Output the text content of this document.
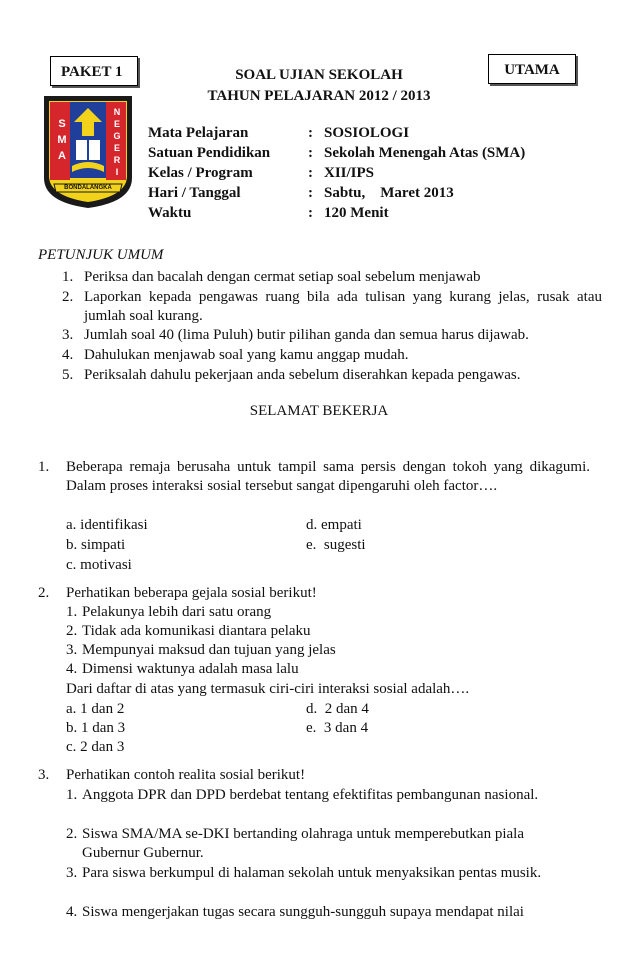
PAKET 1	UTAMA
SOAL UJIAN SEKOLAH
TAHUN PELAJARAN 2012 / 2013
S
M
A
N
E
G
E
R
I
BONDALANGKA
Mata Pelajaran	: SOSIOLOGI
Satuan Pendidikan	: Sekolah Menengah Atas (SMA)
Kelas / Program	: XII/IPS
Hari / Tanggal	: Sabtu,    Maret 2013
Waktu	: 120 Menit
PETUNJUK UMUM
1. Periksa dan bacalah dengan cermat setiap soal sebelum menjawab
2. Laporkan kepada pengawas ruang bila ada tulisan yang kurang jelas, rusak atau jumlah soal kurang.
3. Jumlah soal 40 (lima Puluh) butir pilihan ganda dan semua harus dijawab.
4. Dahulukan menjawab soal yang kamu anggap mudah.
5. Periksalah dahulu pekerjaan anda sebelum diserahkan kepada pengawas.
SELAMAT BEKERJA
1. Beberapa remaja berusaha untuk tampil sama persis dengan tokoh yang dikagumi. Dalam proses interaksi sosial tersebut sangat dipengaruhi oleh factor….
a. identifikasi	d. empati
b. simpati	e.  sugesti
c. motivasi
2. Perhatikan beberapa gejala sosial berikut!
1. Pelakunya lebih dari satu orang
2. Tidak ada komunikasi diantara pelaku
3. Mempunyai maksud dan tujuan yang jelas
4. Dimensi waktunya adalah masa lalu
Dari daftar di atas yang termasuk ciri-ciri interaksi sosial adalah….
a. 1 dan 2	d.  2 dan 4
b. 1 dan 3	e.  3 dan 4
c. 2 dan 3
3. Perhatikan contoh realita sosial berikut!
1. Anggota DPR dan DPD berdebat tentang efektifitas pembangunan nasional.
2. Siswa SMA/MA se-DKI bertanding olahraga untuk memperebutkan piala Gubernur Gubernur.
3. Para siswa berkumpul di halaman sekolah untuk menyaksikan pentas musik.
4. Siswa mengerjakan tugas secara sungguh-sungguh supaya mendapat nilai
